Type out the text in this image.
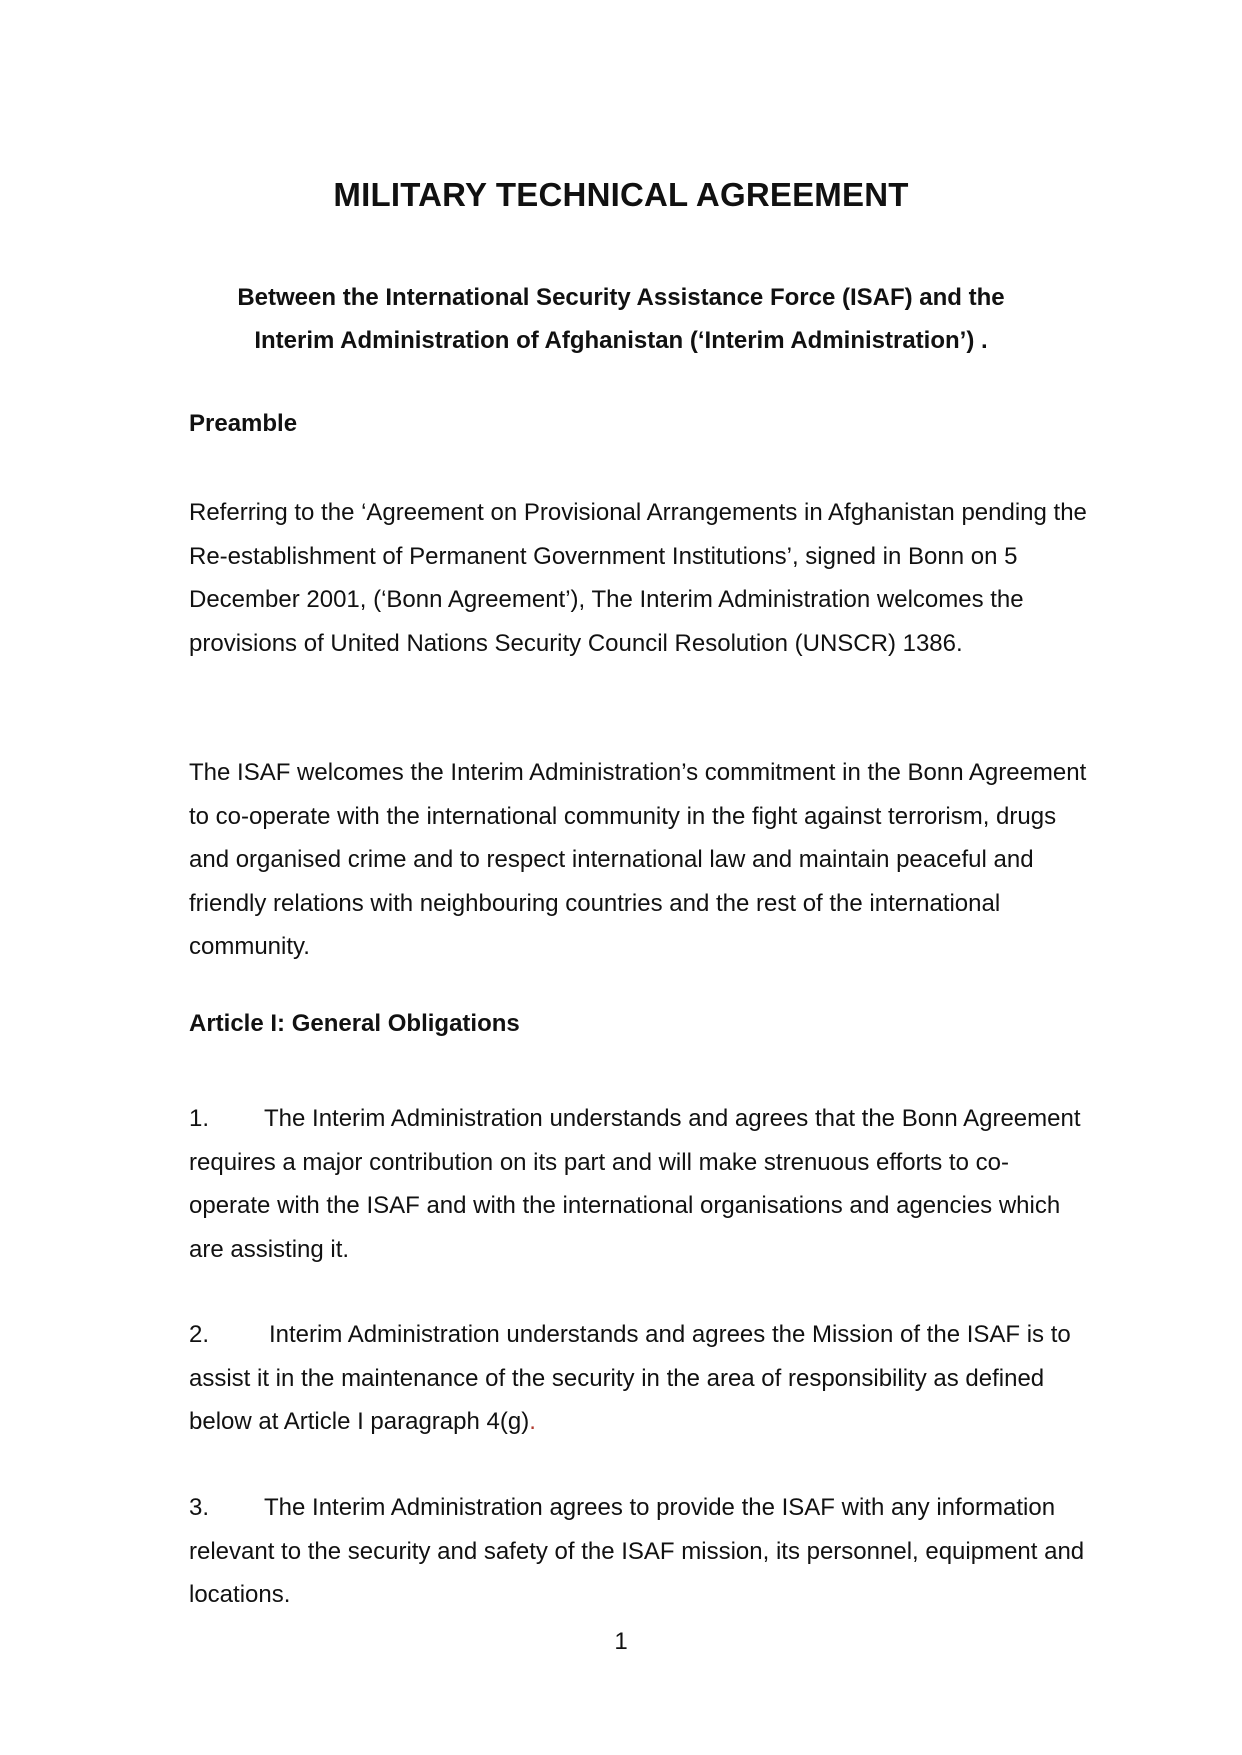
MILITARY TECHNICAL AGREEMENT
Between the International Security Assistance Force (ISAF) and the
Interim Administration of Afghanistan (‘Interim Administration’) .
Preamble

Referring to the ‘Agreement on Provisional Arrangements in Afghanistan pending the Re-establishment of Permanent Government Institutions’, signed in Bonn on 5 December 2001, (‘Bonn Agreement’), The Interim Administration welcomes the provisions of United Nations Security Council Resolution (UNSCR) 1386.

The ISAF welcomes the Interim Administration’s commitment in the Bonn Agreement to co-operate with the international community in the fight against terrorism, drugs and organised crime and to respect international law and maintain peaceful and friendly relations with neighbouring countries and the rest of the international community.

Article I: General Obligations

1. The Interim Administration understands and agrees that the Bonn Agreement requires a major contribution on its part and will make strenuous efforts to co-operate with the ISAF and with the international organisations and agencies which are assisting it.

2. Interim Administration understands and agrees the Mission of the ISAF is to assist it in the maintenance of the security in the area of responsibility as defined below at Article I paragraph 4(g).

3. The Interim Administration agrees to provide the ISAF with any information relevant to the security and safety of the ISAF mission, its personnel, equipment and locations.

1
